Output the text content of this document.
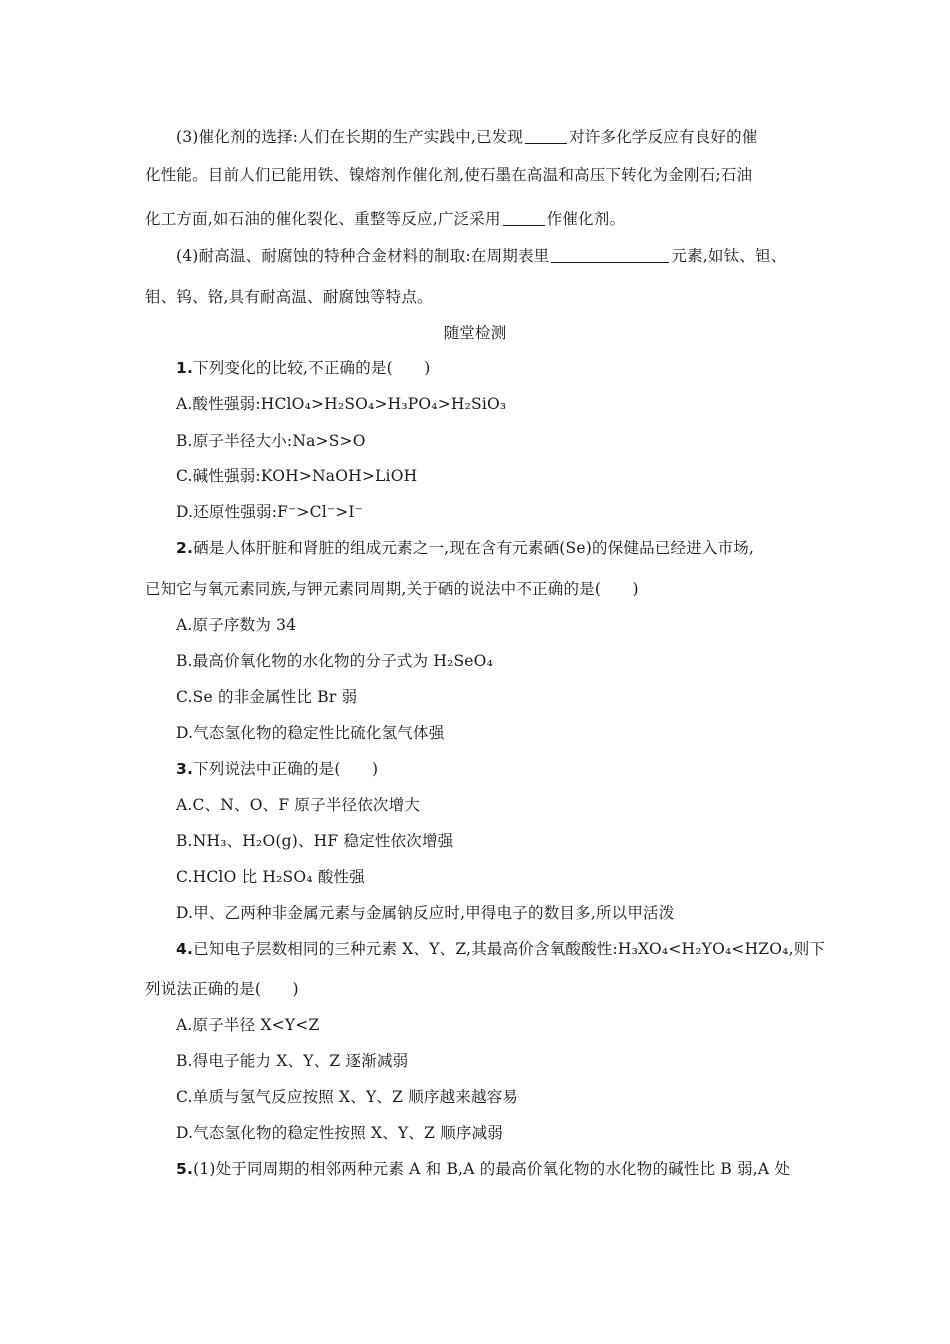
(3)催化剂的选择:人们在长期的生产实践中,已发现	对许多化学反应有良好的催
化性能。目前人们已能用铁、镍熔剂作催化剂,使石墨在高温和高压下转化为金刚石;石油
化工方面,如石油的催化裂化、重整等反应,广泛采用	作催化剂。
(4)耐高温、耐腐蚀的特种合金材料的制取:在周期表里	元素,如钛、钽、
钼、钨、铬,具有耐高温、耐腐蚀等特点。
随堂检测
1.下列变化的比较,不正确的是(　　)
A.酸性强弱:HClO₄>H₂SO₄>H₃PO₄>H₂SiO₃
B.原子半径大小:Na>S>O
C.碱性强弱:KOH>NaOH>LiOH
D.还原性强弱:F⁻>Cl⁻>I⁻
2.硒是人体肝脏和肾脏的组成元素之一,现在含有元素硒(Se)的保健品已经进入市场,
已知它与氧元素同族,与钾元素同周期,关于硒的说法中不正确的是(　　)
A.原子序数为 34
B.最高价氧化物的水化物的分子式为 H₂SeO₄
C.Se 的非金属性比 Br 弱
D.气态氢化物的稳定性比硫化氢气体强
3.下列说法中正确的是(　　)
A.C、N、O、F 原子半径依次增大
B.NH₃、H₂O(g)、HF 稳定性依次增强
C.HClO 比 H₂SO₄ 酸性强
D.甲、乙两种非金属元素与金属钠反应时,甲得电子的数目多,所以甲活泼
4.已知电子层数相同的三种元素 X、Y、Z,其最高价含氧酸酸性:H₃XO₄<H₂YO₄<HZO₄,则下
列说法正确的是(　　)
A.原子半径 X<Y<Z
B.得电子能力 X、Y、Z 逐渐减弱
C.单质与氢气反应按照 X、Y、Z 顺序越来越容易
D.气态氢化物的稳定性按照 X、Y、Z 顺序减弱
5.(1)处于同周期的相邻两种元素 A 和 B,A 的最高价氧化物的水化物的碱性比 B 弱,A 处
